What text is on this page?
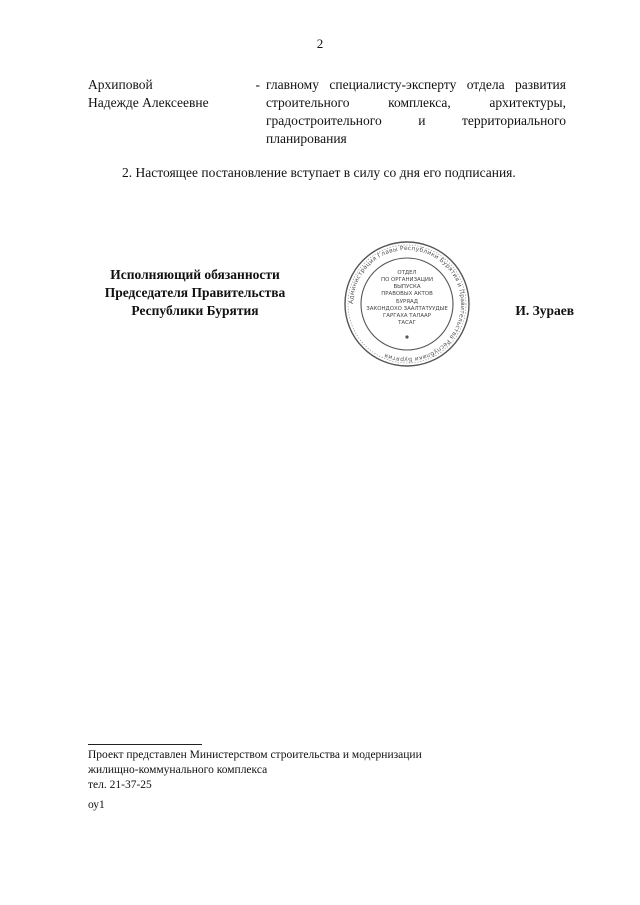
2
Архиповой
Надежде Алексеевне
- главному специалисту-эксперту отдела развития строительного комплекса, архитектуры, градостроительного и территориального планирования
2. Настоящее постановление вступает в силу со дня его подписания.
Исполняющий обязанности
Председателя Правительства
Республики Бурятия
Администрация Главы Республики Бурятия и Правительства Республики Бурятия
ОТДЕЛ
ПО ОРГАНИЗАЦИИ
ВЫПУСКА
ПРАВОВЫХ АКТОВ
БУРЯАД
ЗАКОНДОХО ЗААЛТАТУУДЫЕ
ГАРГАХА ТАЛААР
ТАСАГ
И. Зураев
Проект представлен Министерством строительства и модернизации
жилищно-коммунального комплекса
тел. 21-37-25
оу1
